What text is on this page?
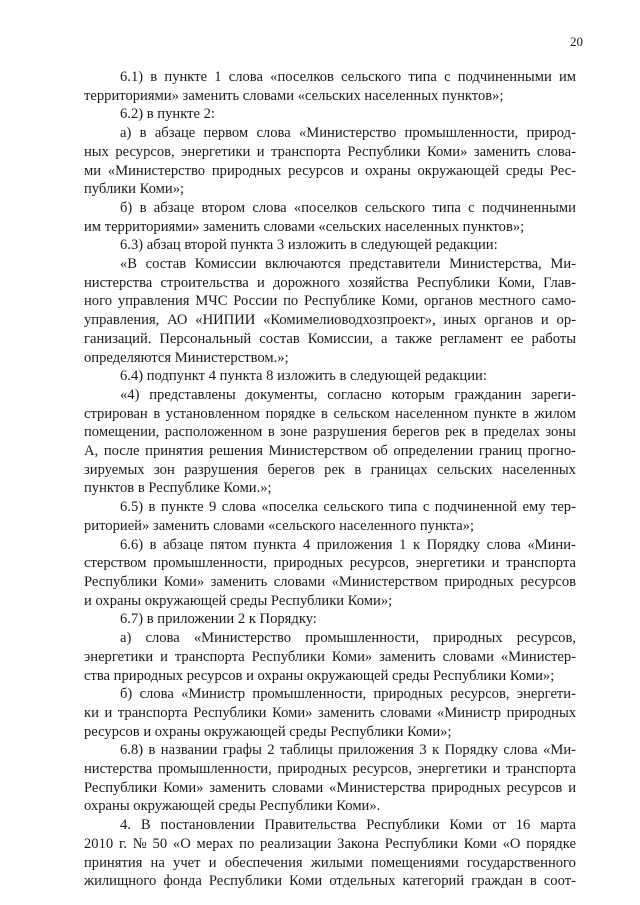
20
6.1) в пункте 1 слова «поселков сельского типа с подчиненными им
территориями» заменить словами «сельских населенных пунктов»;
6.2) в пункте 2:
а) в абзаце первом слова «Министерство промышленности, природ-
ных ресурсов, энергетики и транспорта Республики Коми» заменить слова-
ми «Министерство природных ресурсов и охраны окружающей среды Рес-
публики Коми»;
б) в абзаце втором слова «поселков сельского типа с подчиненными
им территориями» заменить словами «сельских населенных пунктов»;
6.3) абзац второй пункта 3 изложить в следующей редакции:
«В состав Комиссии включаются представители Министерства, Ми-
нистерства строительства и дорожного хозяйства Республики Коми, Глав-
ного управления МЧС России по Республике Коми, органов местного само-
управления, АО «НИПИИ «Комимелиоводхозпроект», иных органов и ор-
ганизаций. Персональный состав Комиссии, а также регламент ее работы
определяются Министерством.»;
6.4) подпункт 4 пункта 8 изложить в следующей редакции:
«4) представлены документы, согласно которым гражданин зареги-
стрирован в установленном порядке в сельском населенном пункте в жилом
помещении, расположенном в зоне разрушения берегов рек в пределах зоны
А, после принятия решения Министерством об определении границ прогно-
зируемых зон разрушения берегов рек в границах сельских населенных
пунктов в Республике Коми.»;
6.5) в пункте 9 слова «поселка сельского типа с подчиненной ему тер-
риторией» заменить словами «сельского населенного пункта»;
6.6) в абзаце пятом пункта 4 приложения 1 к Порядку слова «Мини-
стерством промышленности, природных ресурсов, энергетики и транспорта
Республики Коми» заменить словами «Министерством природных ресурсов
и охраны окружающей среды Республики Коми»;
6.7) в приложении 2 к Порядку:
а) слова «Министерство промышленности, природных ресурсов,
энергетики и транспорта Республики Коми» заменить словами «Министер-
ства природных ресурсов и охраны окружающей среды Республики Коми»;
б) слова «Министр промышленности, природных ресурсов, энергети-
ки и транспорта Республики Коми» заменить словами «Министр природных
ресурсов и охраны окружающей среды Республики Коми»;
6.8) в названии графы 2 таблицы приложения 3 к Порядку слова «Ми-
нистерства промышленности, природных ресурсов, энергетики и транспорта
Республики Коми» заменить словами «Министерства природных ресурсов и
охраны окружающей среды Республики Коми».
4. В постановлении Правительства Республики Коми от 16 марта
2010 г. № 50 «О мерах по реализации Закона Республики Коми «О порядке
принятия на учет и обеспечения жилыми помещениями государственного
жилищного фонда Республики Коми отдельных категорий граждан в сoот-
